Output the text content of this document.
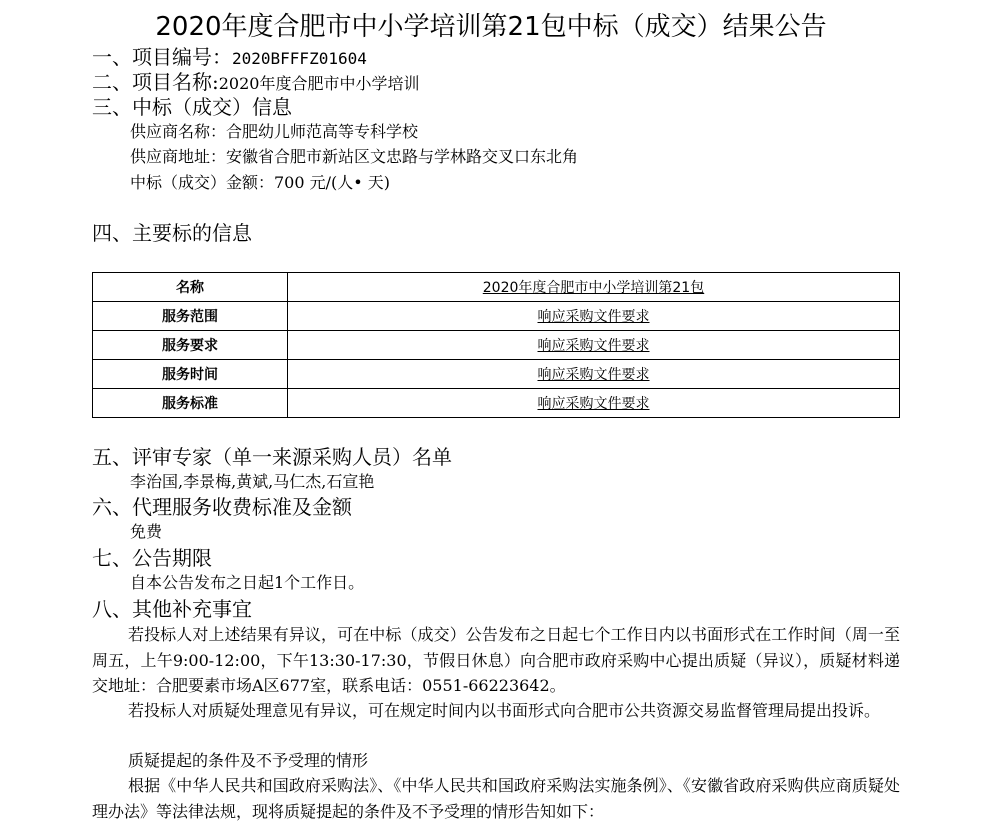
2020年度合肥市中小学培训第21包中标（成交）结果公告
一、项目编号：2020BFFFZ01604
二、项目名称:2020年度合肥市中小学培训
三、中标（成交）信息
供应商名称：合肥幼儿师范高等专科学校
供应商地址：安徽省合肥市新站区文忠路与学林路交叉口东北角
中标（成交）金额：700 元/(人• 天)
四、主要标的信息
名称	2020年度合肥市中小学培训第21包
服务范围	响应采购文件要求
服务要求	响应采购文件要求
服务时间	响应采购文件要求
服务标准	响应采购文件要求
五、评审专家（单一来源采购人员）名单
李治国,李景梅,黄斌,马仁杰,石宣艳
六、代理服务收费标准及金额
免费
七、公告期限
自本公告发布之日起1个工作日。
八、其他补充事宜
若投标人对上述结果有异议，可在中标（成交）公告发布之日起七个工作日内以书面形式在工作时间（周一至周五，上午9:00-12:00，下午13:30-17:30，节假日休息）向合肥市政府采购中心提出质疑（异议），质疑材料递交地址：合肥要素市场A区677室，联系电话：0551-66223642。
若投标人对质疑处理意见有异议，可在规定时间内以书面形式向合肥市公共资源交易监督管理局提出投诉。
质疑提起的条件及不予受理的情形
根据《中华人民共和国政府采购法》、《中华人民共和国政府采购法实施条例》、《安徽省政府采购供应商质疑处理办法》等法律法规，现将质疑提起的条件及不予受理的情形告知如下：
